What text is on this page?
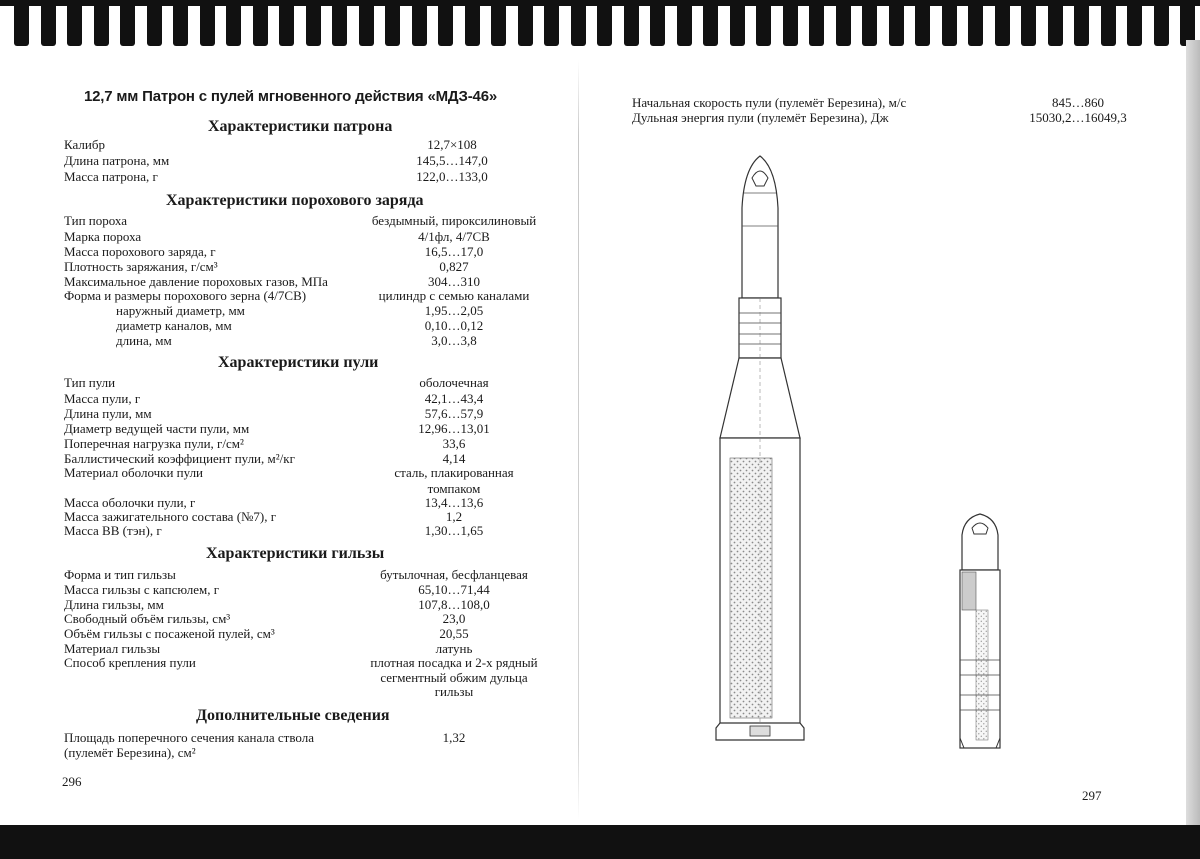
12,7 мм Патрон с пулей мгновенного действия «МДЗ-46»
Характеристики патрона
Калибр	12,7×108
Длина патрона, мм	145,5…147,0
Масса патрона, г	122,0…133,0
Характеристики порохового заряда
Тип пороха	бездымный, пироксилиновый
Марка пороха	4/1фл, 4/7СВ
Масса порохового заряда, г	16,5…17,0
Плотность заряжания, г/см³	0,827
Максимальное давление пороховых газов, МПа	304…310
Форма и размеры порохового зерна (4/7СВ)	цилиндр с семью каналами
наружный диаметр, мм	1,95…2,05
диаметр каналов, мм	0,10…0,12
длина, мм	3,0…3,8
Характеристики пули
Тип пули	оболочечная
Масса пули, г	42,1…43,4
Длина пули, мм	57,6…57,9
Диаметр ведущей части пули, мм	12,96…13,01
Поперечная нагрузка пули, г/см²	33,6
Баллистический коэффициент пули, м²/кг	4,14
Материал оболочки пули	сталь, плакированная
томпаком
Масса оболочки пули, г	13,4…13,6
Масса зажигательного состава (№7), г	1,2
Масса ВВ (тэн), г	1,30…1,65
Характеристики гильзы
Форма и тип гильзы	бутылочная, бесфланцевая
Масса гильзы с капсюлем, г	65,10…71,44
Длина гильзы, мм	107,8…108,0
Свободный объём гильзы, см³	23,0
Объём гильзы с посаженой пулей, см³	20,55
Материал гильзы	латунь
Способ крепления пули	плотная посадка и 2-х рядный
сегментный обжим дульца
гильзы
Дополнительные сведения
Площадь поперечного сечения канала ствола	1,32
(пулемёт Березина), см²
296
Начальная скорость пули (пулемёт Березина), м/с	845…860
Дульная энергия пули (пулемёт Березина), Дж	15030,2…16049,3
297
